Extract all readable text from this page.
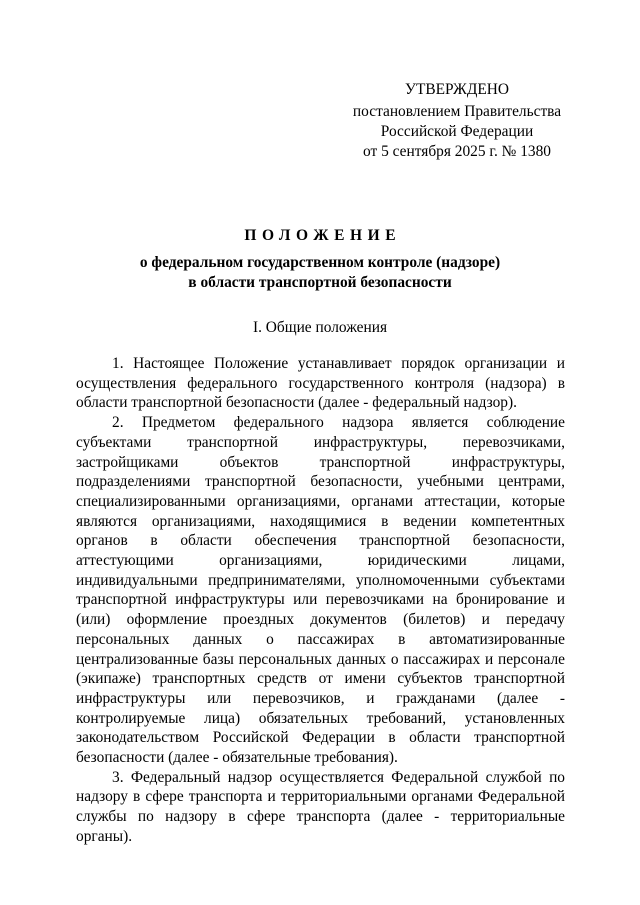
УТВЕРЖДЕНО
постановлением Правительства
Российской Федерации
от 5 сентября 2025 г. № 1380
ПОЛОЖЕНИЕ
о федеральном государственном контроле (надзоре)
в области транспортной безопасности
I. Общие положения

1. Настоящее Положение устанавливает порядок организации и осуществления федерального государственного контроля (надзора) в области транспортной безопасности (далее - федеральный надзор).

2. Предметом федерального надзора является соблюдение субъектами транспортной инфраструктуры, перевозчиками, застройщиками объектов транспортной инфраструктуры, подразделениями транспортной безопасности, учебными центрами, специализированными организациями, органами аттестации, которые являются организациями, находящимися в ведении компетентных органов в области обеспечения транспортной безопасности, аттестующими организациями, юридическими лицами, индивидуальными предпринимателями, уполномоченными субъектами транспортной инфраструктуры или перевозчиками на бронирование и (или) оформление проездных документов (билетов) и передачу персональных данных о пассажирах в автоматизированные централизованные базы персональных данных о пассажирах и персонале (экипаже) транспортных средств от имени субъектов транспортной инфраструктуры или перевозчиков, и гражданами (далее - контролируемые лица) обязательных требований, установленных законодательством Российской Федерации в области транспортной безопасности (далее - обязательные требования).

3. Федеральный надзор осуществляется Федеральной службой по надзору в сфере транспорта и территориальными органами Федеральной службы по надзору в сфере транспорта (далее - территориальные органы).
